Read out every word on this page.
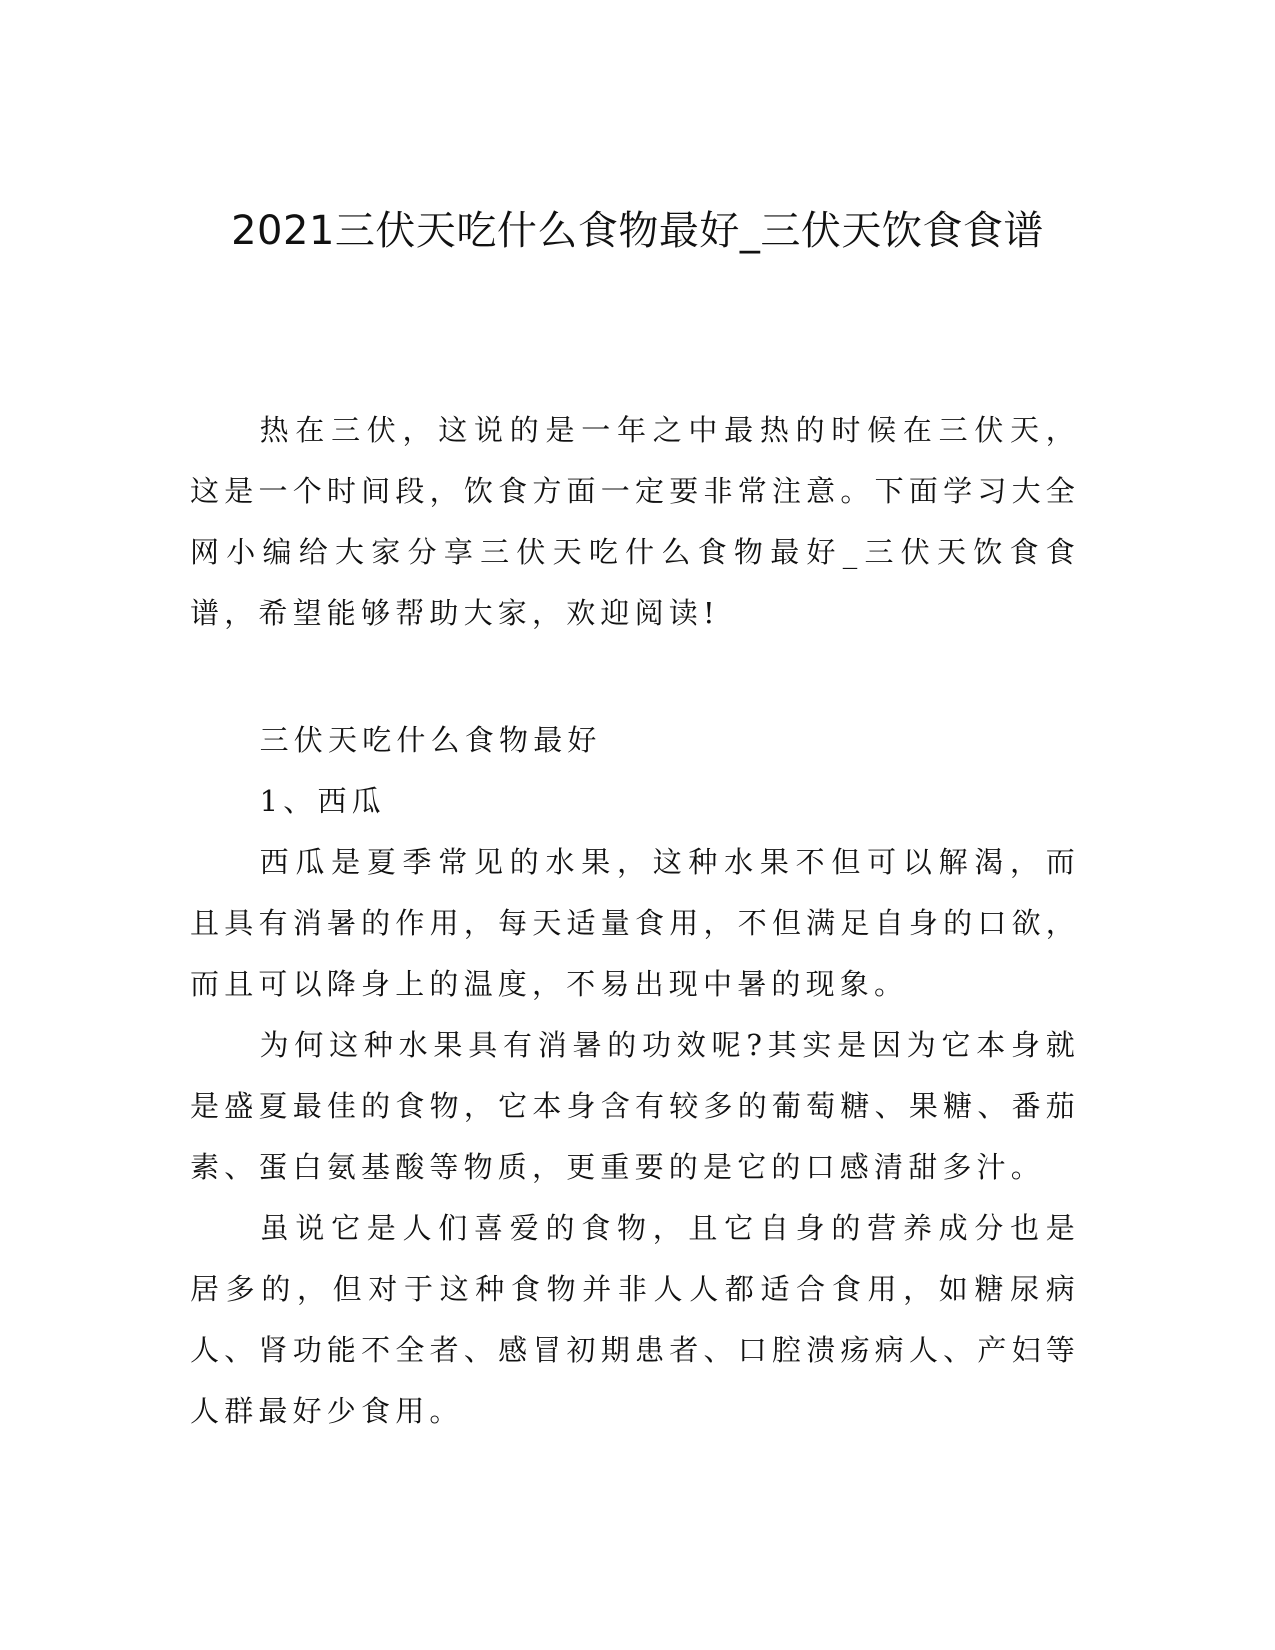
2021三伏天吃什么食物最好_三伏天饮食食谱

热在三伏，这说的是一年之中最热的时候在三伏天，这是一个时间段，饮食方面一定要非常注意。下面学习大全网小编给大家分享三伏天吃什么食物最好_三伏天饮食食谱，希望能够帮助大家，欢迎阅读!

三伏天吃什么食物最好

1、西瓜

西瓜是夏季常见的水果，这种水果不但可以解渴，而且具有消暑的作用，每天适量食用，不但满足自身的口欲，而且可以降身上的温度，不易出现中暑的现象。

为何这种水果具有消暑的功效呢?其实是因为它本身就是盛夏最佳的食物，它本身含有较多的葡萄糖、果糖、番茄素、蛋白氨基酸等物质，更重要的是它的口感清甜多汁。

虽说它是人们喜爱的食物，且它自身的营养成分也是居多的，但对于这种食物并非人人都适合食用，如糖尿病人、肾功能不全者、感冒初期患者、口腔溃疡病人、产妇等人群最好少食用。
